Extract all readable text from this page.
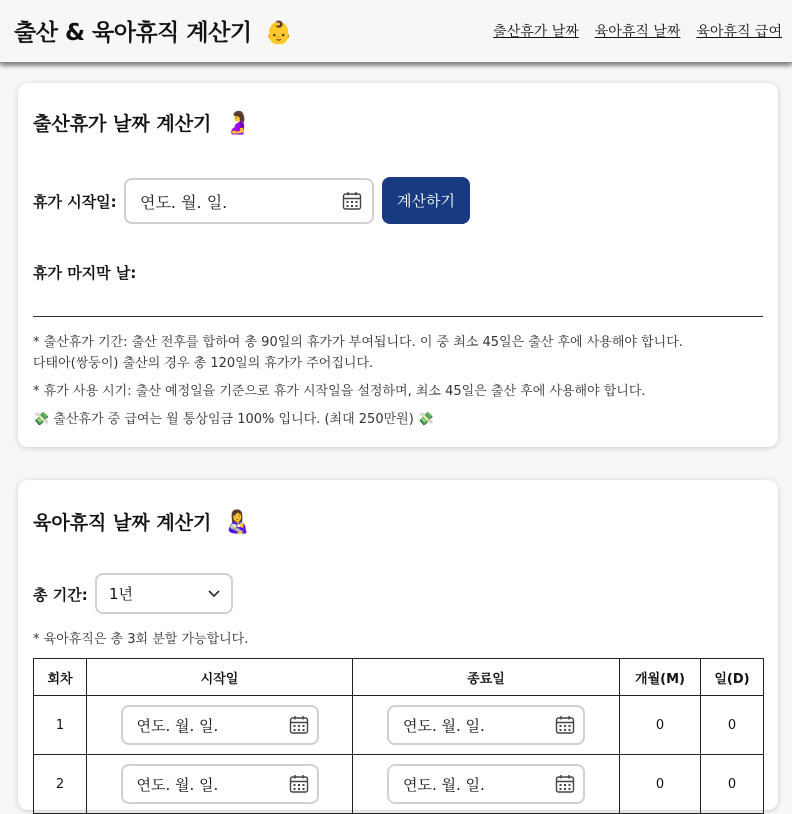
출산 & 육아휴직 계산기 👶	출산휴가 날짜 육아휴직 날짜 육아휴직 급여
출산휴가 날짜 계산기 🤰
휴가 시작일: 연도. 월. 일.	계산하기
휴가 마지막 날:
* 출산휴가 기간: 출산 전후를 합하여 총 90일의 휴가가 부여됩니다. 이 중 최소 45일은 출산 후에 사용해야 합니다.
다태아(쌍둥이) 출산의 경우 총 120일의 휴가가 주어집니다.
* 휴가 사용 시기: 출산 예정일을 기준으로 휴가 시작일을 설정하며, 최소 45일은 출산 후에 사용해야 합니다.
💸 출산휴가 중 급여는 월 통상임금 100% 입니다. (최대 250만원) 💸
육아휴직 날짜 계산기 👩‍🍼
총 기간: 1년
* 육아휴직은 총 3회 분할 가능합니다.
회차	시작일	종료일	개월(M)	일(D)
1	연도. 월. 일.	연도. 월. 일.	0	0
2	연도. 월. 일.	연도. 월. 일.	0	0
